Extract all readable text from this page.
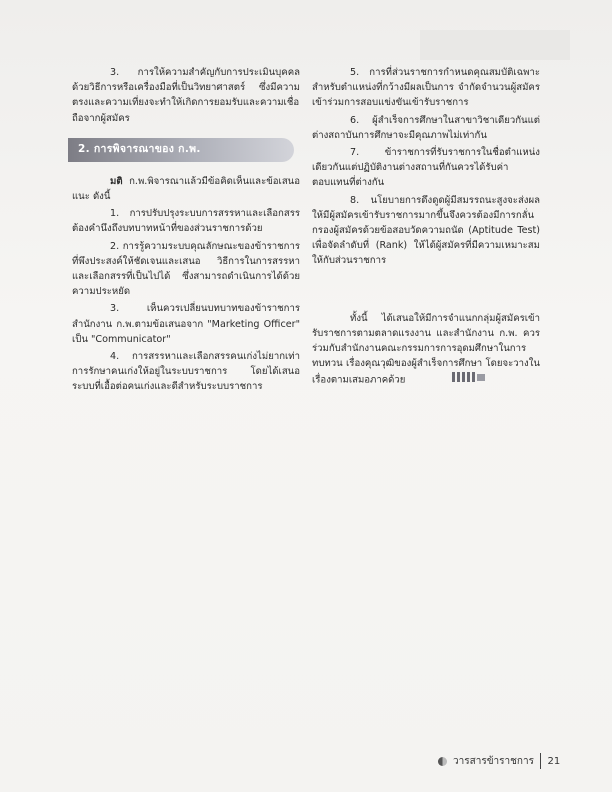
3. การให้ความสำคัญกับการประเมินบุคคลด้วยวิธีการหรือเครื่องมือที่เป็นวิทยาศาสตร์ ซึ่งมีความตรงและความเที่ยงจะทำให้เกิดการยอมรับและความเชื่อถือจากผู้สมัคร

2. การพิจารณาของ ก.พ.

มติ ก.พ.พิจารณาแล้วมีข้อคิดเห็นและข้อเสนอแนะ ดังนี้

1. การปรับปรุงระบบการสรรหาและเลือกสรรต้องคำนึงถึงบทบาทหน้าที่ของส่วนราชการด้วย

2. การรู้ความระบบคุณลักษณะของข้าราชการที่พึงประสงค์ให้ชัดเจนและเสนอ วิธีการในการสรรหาและเลือกสรรที่เป็นไปได้ ซึ่งสามารถดำเนินการได้ด้วยความประหยัด

3. เห็นควรเปลี่ยนบทบาทของข้าราชการสำนักงาน ก.พ.ตามข้อเสนอจาก "Marketing Officer" เป็น "Communicator"

4. การสรรหาและเลือกสรรคนเก่งไม่ยากเท่าการรักษาคนเก่งให้อยู่ในระบบราชการ โดยได้เสนอระบบที่เอื้อต่อคนเก่งและดีสำหรับระบบราชการ

5. การที่ส่วนราชการกำหนดคุณสมบัติเฉพาะสำหรับตำแหน่งที่กว้างมีผลเป็นการ จำกัดจำนวนผู้สมัครเข้าร่วมการสอบแข่งขันเข้ารับราชการ

6. ผู้สำเร็จการศึกษาในสาขาวิชาเดียวกันแต่ต่างสถาบันการศึกษาจะมีคุณภาพไม่เท่ากัน

7. ข้าราชการที่รับราชการในชื่อตำแหน่งเดียวกันแต่ปฏิบัติงานต่างสถานที่กันควรได้รับค่าตอบแทนที่ต่างกัน

8. นโยบายการดึงดูดผู้มีสมรรถนะสูงจะส่งผลให้มีผู้สมัครเข้ารับราชการมากขึ้นจึงควรต้องมีการกลั่นกรองผู้สมัครด้วยข้อสอบวัดความถนัด (Aptitude Test) เพื่อจัดลำดับที่ (Rank) ให้ได้ผู้สมัครที่มีความเหมาะสมให้กับส่วนราชการ

ทั้งนี้ ได้เสนอให้มีการจำแนกกลุ่มผู้สมัครเข้ารับราชการตามตลาดแรงงาน และสำนักงาน ก.พ. ควรร่วมกับสำนักงานคณะกรรมการการอุดมศึกษาในการทบทวน เรื่องคุณวุฒิของผู้สำเร็จการศึกษา โดยจะวางในเรื่องตามเสมอภาคด้วย

วารสารข้าราชการ 21
